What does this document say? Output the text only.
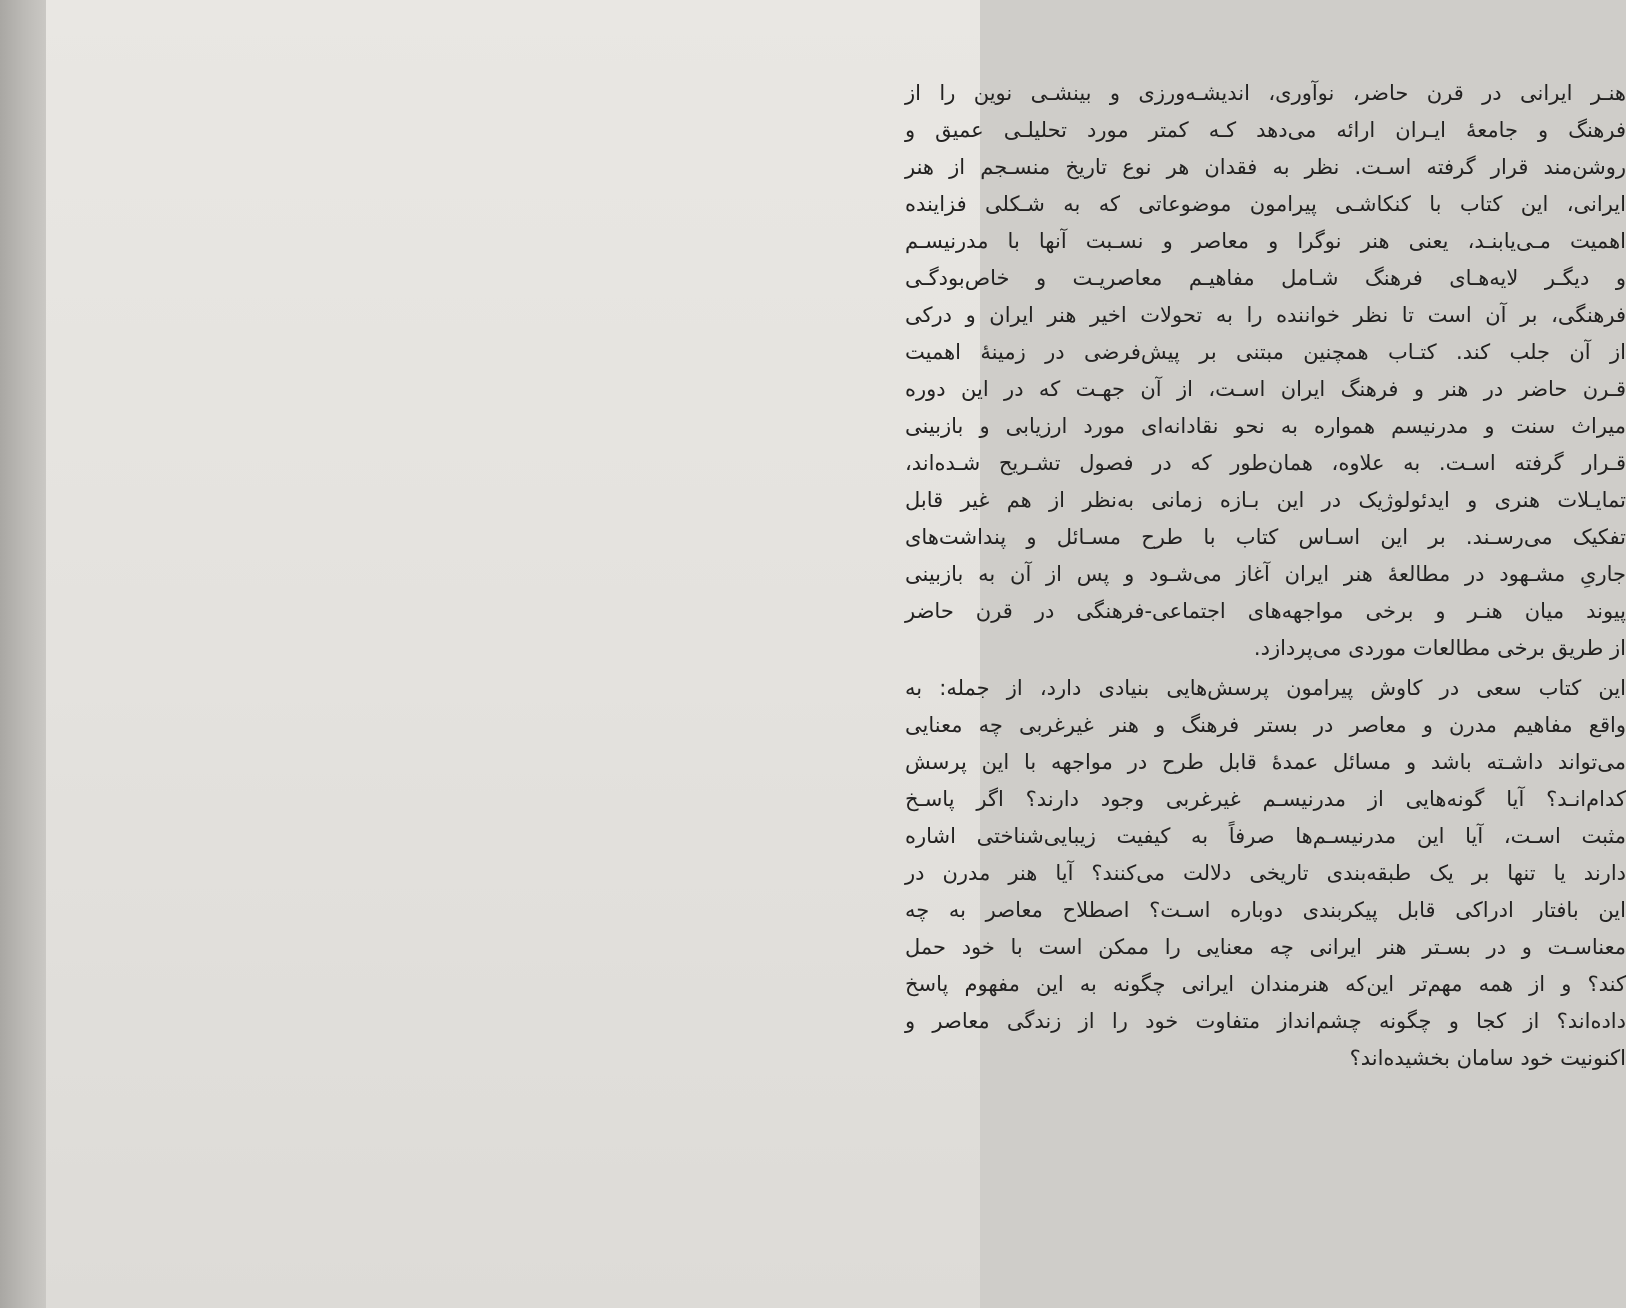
هنـر ایرانی در قرن حاضر، نوآوری، اندیشـه‌ورزی و بینشـی نوین را از
فرهنگ و جامعهٔ ایـران ارائه می‌دهد کـه کمتر مورد تحلیلـی عمیق و
روشن‌مند قرار گرفته اسـت. نظر به فقدان هر نوع تاریخ منسـجم از هنر
ایرانی، این کتاب با کنکاشـی پیرامون موضوعاتی که به شـکلی فزاینده
اهمیت مـی‌یابنـد، یعنی هنر نوگرا و معاصر و نسـبت آنها با مدرنیسـم
و دیگـر لایه‌هـای فرهنگ شـامل مفاهیـم معاصریـت و خاص‌بودگـی
فرهنگی، بر آن است تا نظر خواننده را به تحولات اخیر هنر ایران و درکی
از آن جلب کند. کتـاب همچنین مبتنی بر پیش‌فرضی در زمینهٔ اهمیت
قـرن حاضر در هنر و فرهنگ ایران اسـت، از آن جهـت که در این دوره
میراث سنت و مدرنیسم همواره به نحو نقادانه‌ای مورد ارزیابی و بازبینی
قـرار گرفته اسـت. به علاوه، همان‌طور که در فصول تشـریح شـده‌اند،
تمایـلات هنری و ایدئولوژیک در این بـازه زمانی به‌نظر از هم غیر قابل
تفکیک می‌رسـند. بر این اسـاس کتاب با طرح مسـائل و پنداشت‌های
جاریِ مشـهود در مطالعهٔ هنر ایران آغاز می‌شـود و پس از آن به بازبینی
پیوند میان هنـر و برخی مواجهه‌های اجتماعی-فرهنگی در قرن حاضر
از طریق برخی مطالعات موردی می‌پردازد.
این کتاب سعی در کاوش پیرامون پرسش‌هایی بنیادی دارد، از جمله: به
واقع مفاهیم مدرن و معاصر در بستر فرهنگ و هنر غیرغربی چه معنایی
می‌تواند داشـته باشد و مسائل عمدهٔ قابل طرح در مواجهه با این پرسش
کدام‌انـد؟ آیا گونه‌هایی از مدرنیسـم غیرغربی وجود دارند؟ اگر پاسـخ
مثبت اسـت، آیا این مدرنیسـم‌ها صرفاً به کیفیت زیبایی‌شناختی اشاره
دارند یا تنها بر یک طبقه‌بندی تاریخی دلالت می‌کنند؟ آیا هنر مدرن در
این بافتار ادراکی قابل پیکربندی دوباره اسـت؟ اصطلاح معاصر به چه
معناسـت و در بسـتر هنر ایرانی چه معنایی را ممکن است با خود حمل
کند؟ و از همه مهم‌تر این‌که هنرمندان ایرانی چگونه به این مفهوم پاسخ
داده‌اند؟ از کجا و چگونه چشم‌انداز متفاوت خود را از زندگی معاصر و
اکنونیت خود سامان بخشیده‌اند؟
